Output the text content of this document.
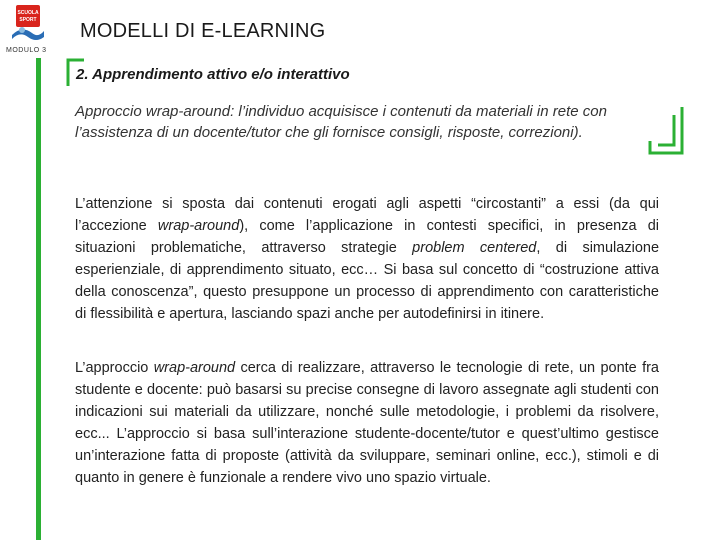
SCUOLA
SPORT
MODULO 3
MODELLI DI E-LEARNING
2. Apprendimento attivo e/o interattivo
Approccio wrap-around: l’individuo acquisisce i contenuti da materiali in rete con l’assistenza di un docente/tutor che gli fornisce consigli, risposte, correzioni).
L’attenzione si sposta dai contenuti erogati agli aspetti “circostanti” a essi (da qui l’accezione wrap-around), come l’applicazione in contesti specifici, in presenza di situazioni problematiche, attraverso strategie problem centered, di simulazione esperienziale, di apprendimento situato, ecc… Si basa sul concetto di “costruzione attiva della conoscenza”, questo presuppone un processo di apprendimento con caratteristiche di flessibilità e apertura, lasciando spazi anche per autodefinirsi in itinere.
L’approccio wrap-around cerca di realizzare, attraverso le tecnologie di rete, un ponte fra studente e docente: può basarsi su precise consegne di lavoro assegnate agli studenti con indicazioni sui materiali da utilizzare, nonché sulle metodologie, i problemi da risolvere, ecc... L’approccio si basa sull’interazione studente-docente/tutor e quest’ultimo gestisce un’interazione fatta di proposte (attività da sviluppare, seminari online, ecc.), stimoli e di quanto in genere è funzionale a rendere vivo uno spazio virtuale.
